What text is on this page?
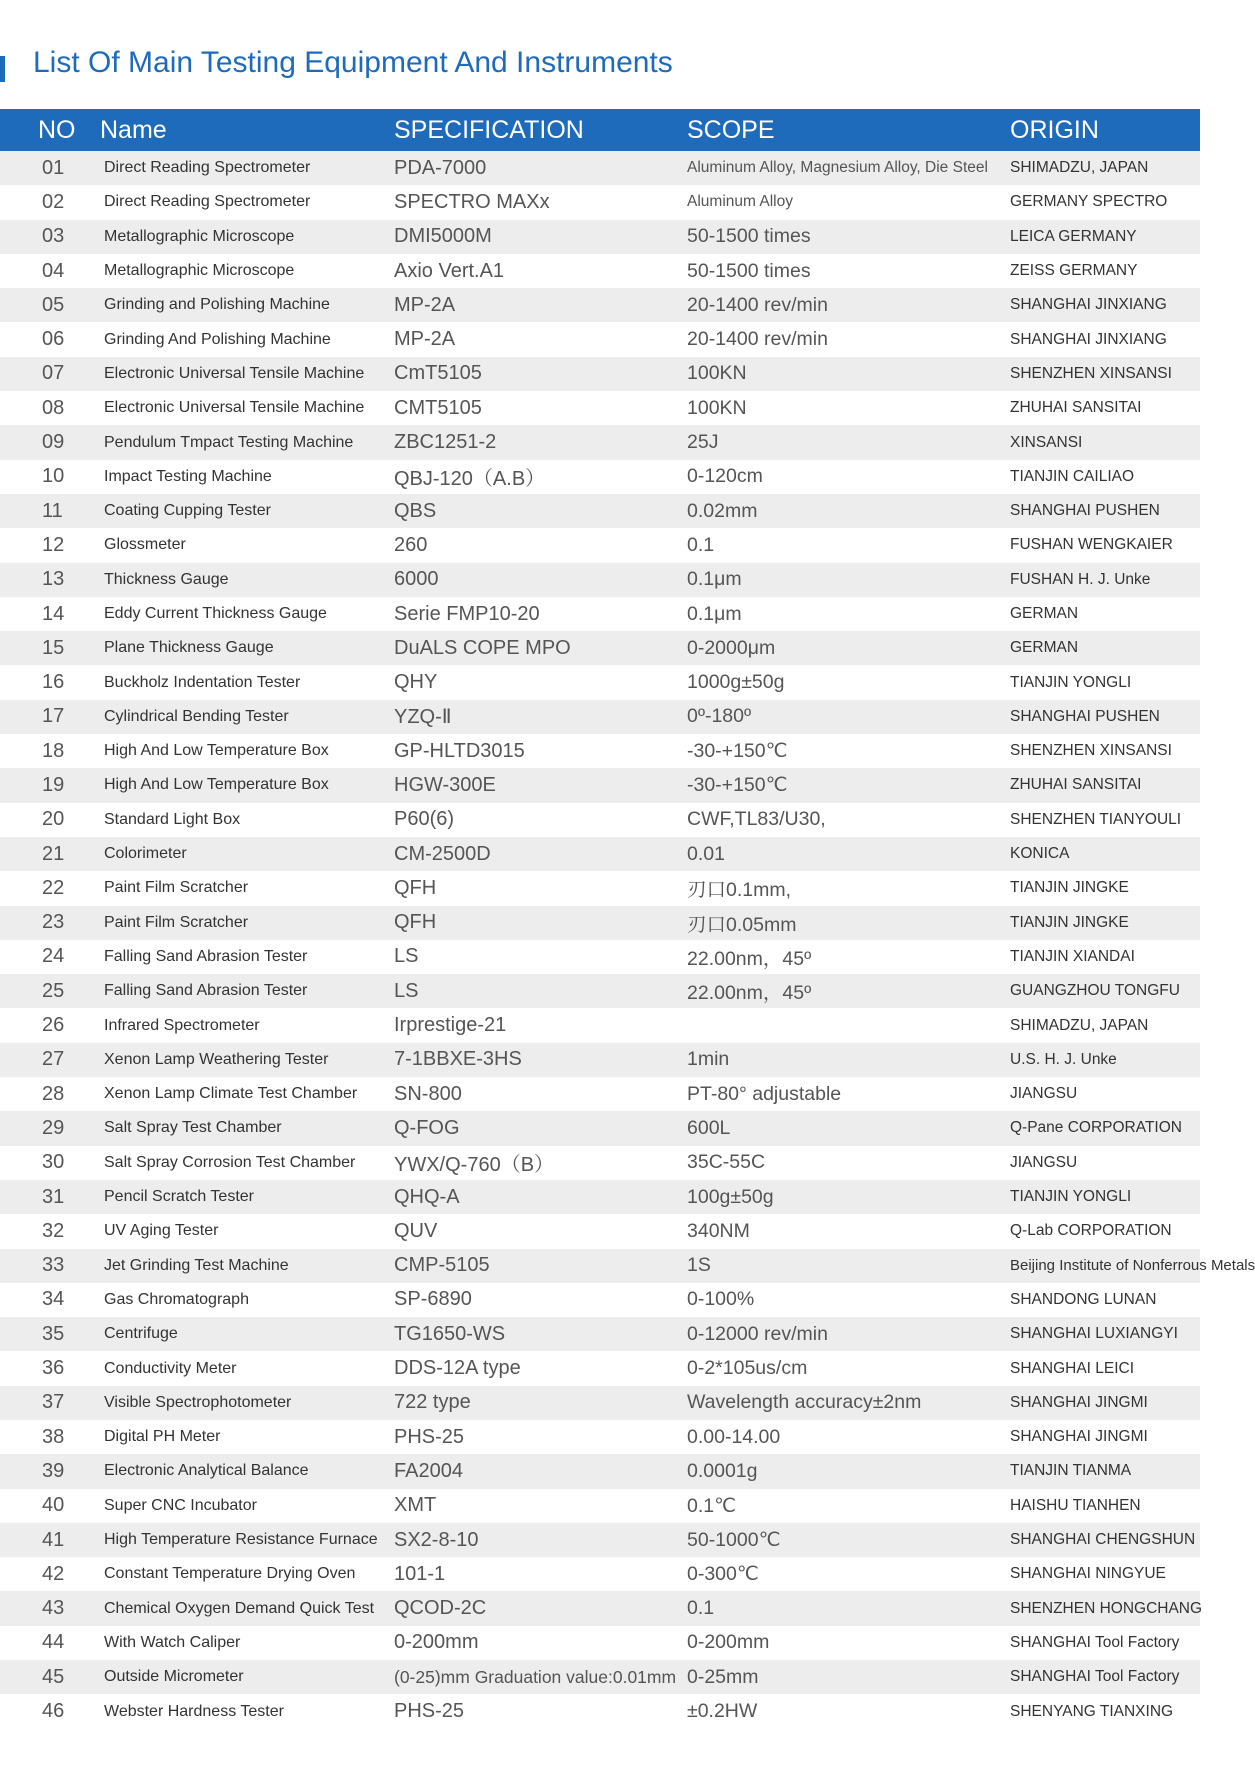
List Of Main Testing Equipment And Instruments
NO	Name	SPECIFICATION	SCOPE	ORIGIN
01	Direct Reading Spectrometer	PDA-7000	Aluminum Alloy, Magnesium Alloy, Die Steel	SHIMADZU, JAPAN
02	Direct Reading Spectrometer	SPECTRO MAXx	Aluminum Alloy	GERMANY SPECTRO
03	Metallographic Microscope	DMI5000M	50-1500 times	LEICA GERMANY
04	Metallographic Microscope	Axio Vert.A1	50-1500 times	ZEISS GERMANY
05	Grinding and Polishing Machine	MP-2A	20-1400 rev/min	SHANGHAI JINXIANG
06	Grinding And Polishing Machine	MP-2A	20-1400 rev/min	SHANGHAI JINXIANG
07	Electronic Universal Tensile Machine	CmT5105	100KN	SHENZHEN XINSANSI
08	Electronic Universal Tensile Machine	CMT5105	100KN	ZHUHAI SANSITAI
09	Pendulum Tmpact Testing Machine	ZBC1251-2	25J	XINSANSI
10	Impact Testing Machine	QBJ-120（A.B）	0-120cm	TIANJIN CAILIAO
11	Coating Cupping Tester	QBS	0.02mm	SHANGHAI PUSHEN
12	Glossmeter	260	0.1	FUSHAN WENGKAIER
13	Thickness Gauge	6000	0.1μm	FUSHAN H. J. Unke
14	Eddy Current Thickness Gauge	Serie FMP10-20	0.1μm	GERMAN
15	Plane Thickness Gauge	DuALS COPE MPO	0-2000μm	GERMAN
16	Buckholz Indentation Tester	QHY	1000g±50g	TIANJIN YONGLI
17	Cylindrical Bending Tester	YZQ-Ⅱ	0º-180º	SHANGHAI PUSHEN
18	High And Low Temperature Box	GP-HLTD3015	-30-+150℃	SHENZHEN XINSANSI
19	High And Low Temperature Box	HGW-300E	-30-+150℃	ZHUHAI SANSITAI
20	Standard Light Box	P60(6)	CWF,TL83/U30,	SHENZHEN TIANYOULI
21	Colorimeter	CM-2500D	0.01	KONICA
22	Paint Film Scratcher	QFH	刃口0.1mm,	TIANJIN JINGKE
23	Paint Film Scratcher	QFH	刃口0.05mm	TIANJIN JINGKE
24	Falling Sand Abrasion Tester	LS	22.00nm，45º	TIANJIN XIANDAI
25	Falling Sand Abrasion Tester	LS	22.00nm，45º	GUANGZHOU TONGFU
26	Infrared Spectrometer	Irprestige-21		SHIMADZU, JAPAN
27	Xenon Lamp Weathering Tester	7-1BBXE-3HS	1min	U.S. H. J. Unke
28	Xenon Lamp Climate Test Chamber	SN-800	PT-80° adjustable	JIANGSU
29	Salt Spray Test Chamber	Q-FOG	600L	Q-Pane CORPORATION
30	Salt Spray Corrosion Test Chamber	YWX/Q-760（B）	35C-55C	JIANGSU
31	Pencil Scratch Tester	QHQ-A	100g±50g	TIANJIN YONGLI
32	UV Aging Tester	QUV	340NM	Q-Lab CORPORATION
33	Jet Grinding Test Machine	CMP-5105	1S	Beijing Institute of Nonferrous Metals
34	Gas Chromatograph	SP-6890	0-100%	SHANDONG LUNAN
35	Centrifuge	TG1650-WS	0-12000 rev/min	SHANGHAI LUXIANGYI
36	Conductivity Meter	DDS-12A type	0-2*105us/cm	SHANGHAI LEICI
37	Visible Spectrophotometer	722 type	Wavelength accuracy±2nm	SHANGHAI JINGMI
38	Digital PH Meter	PHS-25	0.00-14.00	SHANGHAI JINGMI
39	Electronic Analytical Balance	FA2004	0.0001g	TIANJIN TIANMA
40	Super CNC Incubator	XMT	0.1℃	HAISHU TIANHEN
41	High Temperature Resistance Furnace	SX2-8-10	50-1000℃	SHANGHAI CHENGSHUN
42	Constant Temperature Drying Oven	101-1	0-300℃	SHANGHAI NINGYUE
43	Chemical Oxygen Demand Quick Test	QCOD-2C	0.1	SHENZHEN HONGCHANG
44	With Watch Caliper	0-200mm	0-200mm	SHANGHAI Tool Factory
45	Outside Micrometer	(0-25)mm Graduation value:0.01mm	0-25mm	SHANGHAI Tool Factory
46	Webster Hardness Tester	PHS-25	±0.2HW	SHENYANG TIANXING
